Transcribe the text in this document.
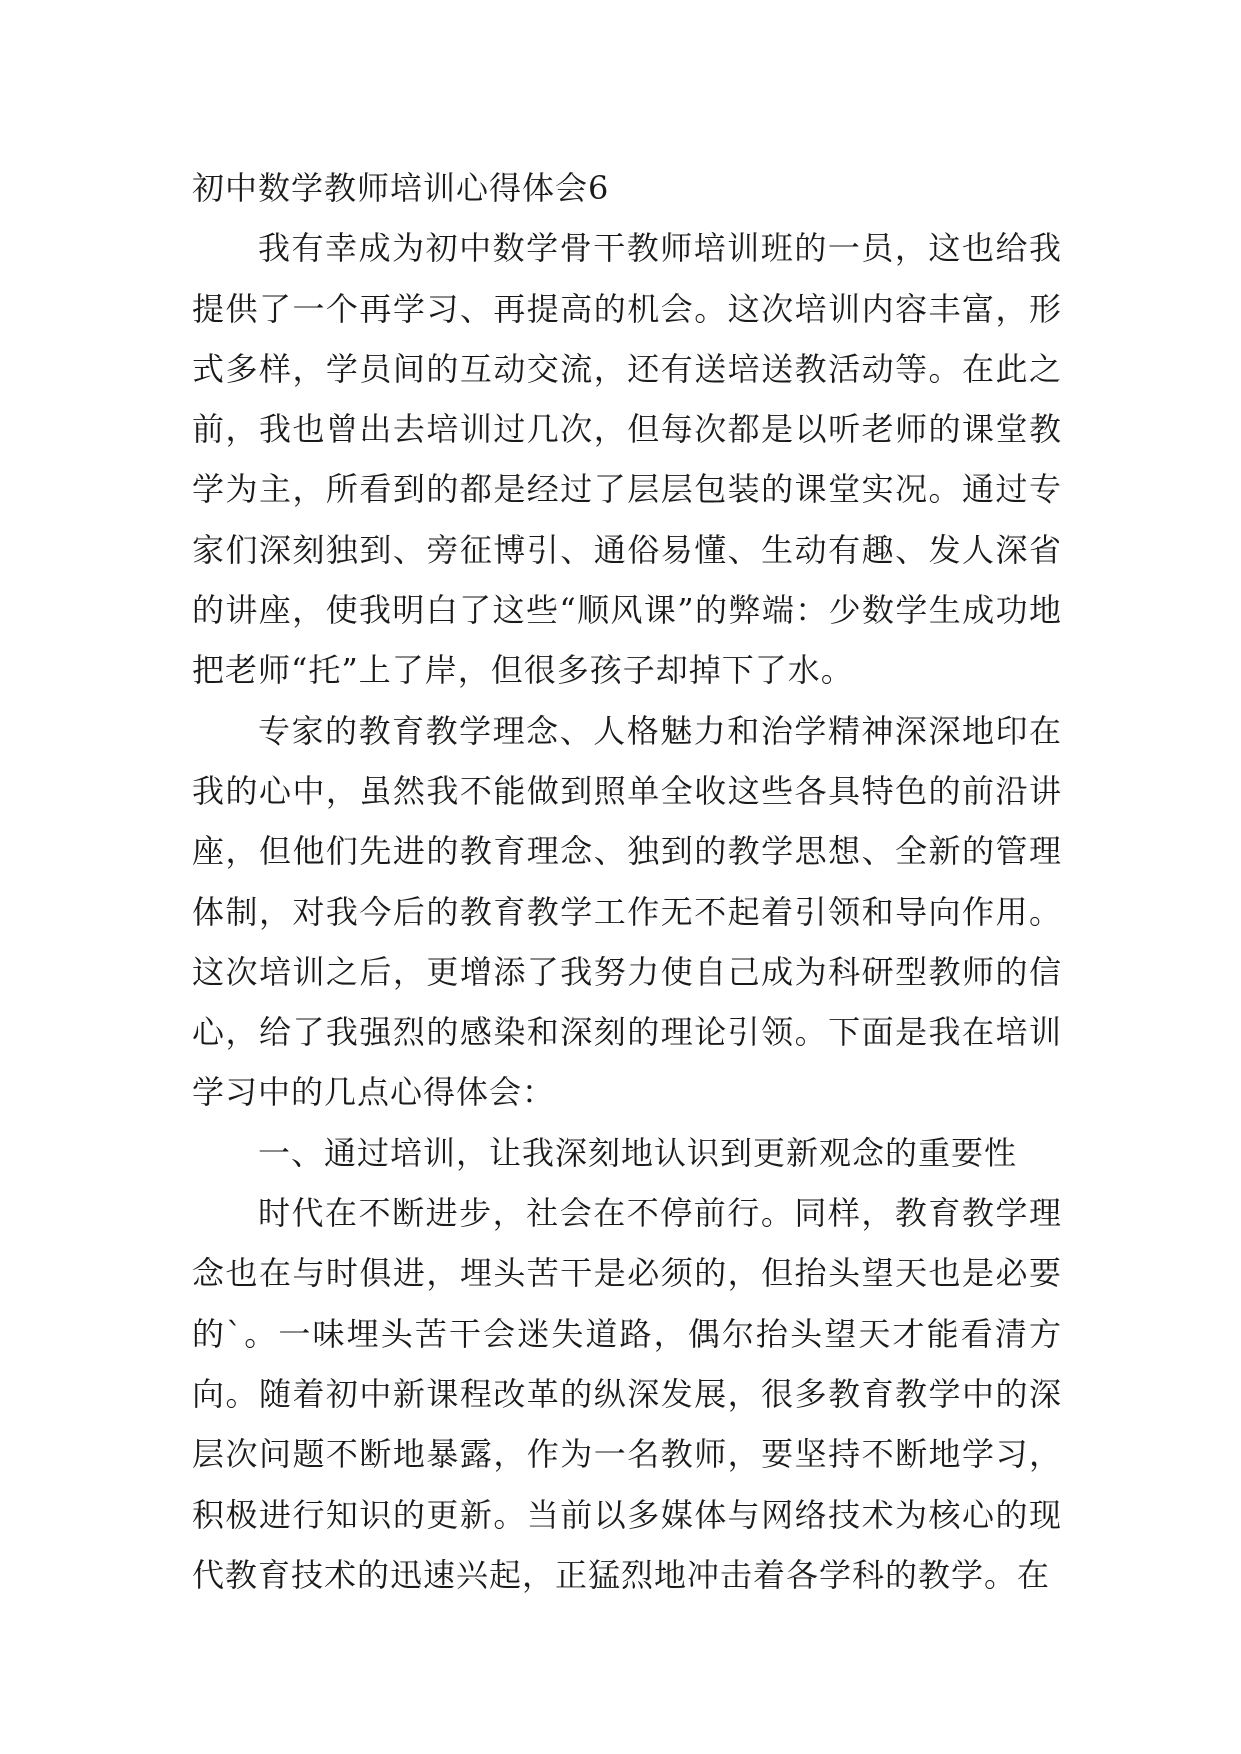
初中数学教师培训心得体会6

我有幸成为初中数学骨干教师培训班的一员，这也给我提供了一个再学习、再提高的机会。这次培训内容丰富，形式多样，学员间的互动交流，还有送培送教活动等。在此之前，我也曾出去培训过几次，但每次都是以听老师的课堂教学为主，所看到的都是经过了层层包装的课堂实况。通过专家们深刻独到、旁征博引、通俗易懂、生动有趣、发人深省的讲座，使我明白了这些“顺风课”的弊端：少数学生成功地把老师“托”上了岸，但很多孩子却掉下了水。

专家的教育教学理念、人格魅力和治学精神深深地印在我的心中，虽然我不能做到照单全收这些各具特色的前沿讲座，但他们先进的教育理念、独到的教学思想、全新的管理体制，对我今后的教育教学工作无不起着引领和导向作用。这次培训之后，更增添了我努力使自己成为科研型教师的信心，给了我强烈的感染和深刻的理论引领。下面是我在培训学习中的几点心得体会：

一、通过培训，让我深刻地认识到更新观念的重要性

时代在不断进步，社会在不停前行。同样，教育教学理念也在与时俱进，埋头苦干是必须的，但抬头望天也是必要的`。一味埋头苦干会迷失道路，偶尔抬头望天才能看清方向。随着初中新课程改革的纵深发展，很多教育教学中的深层次问题不断地暴露，作为一名教师，要坚持不断地学习，积极进行知识的更新。当前以多媒体与网络技术为核心的现代教育技术的迅速兴起，正猛烈地冲击着各学科的教学。在
